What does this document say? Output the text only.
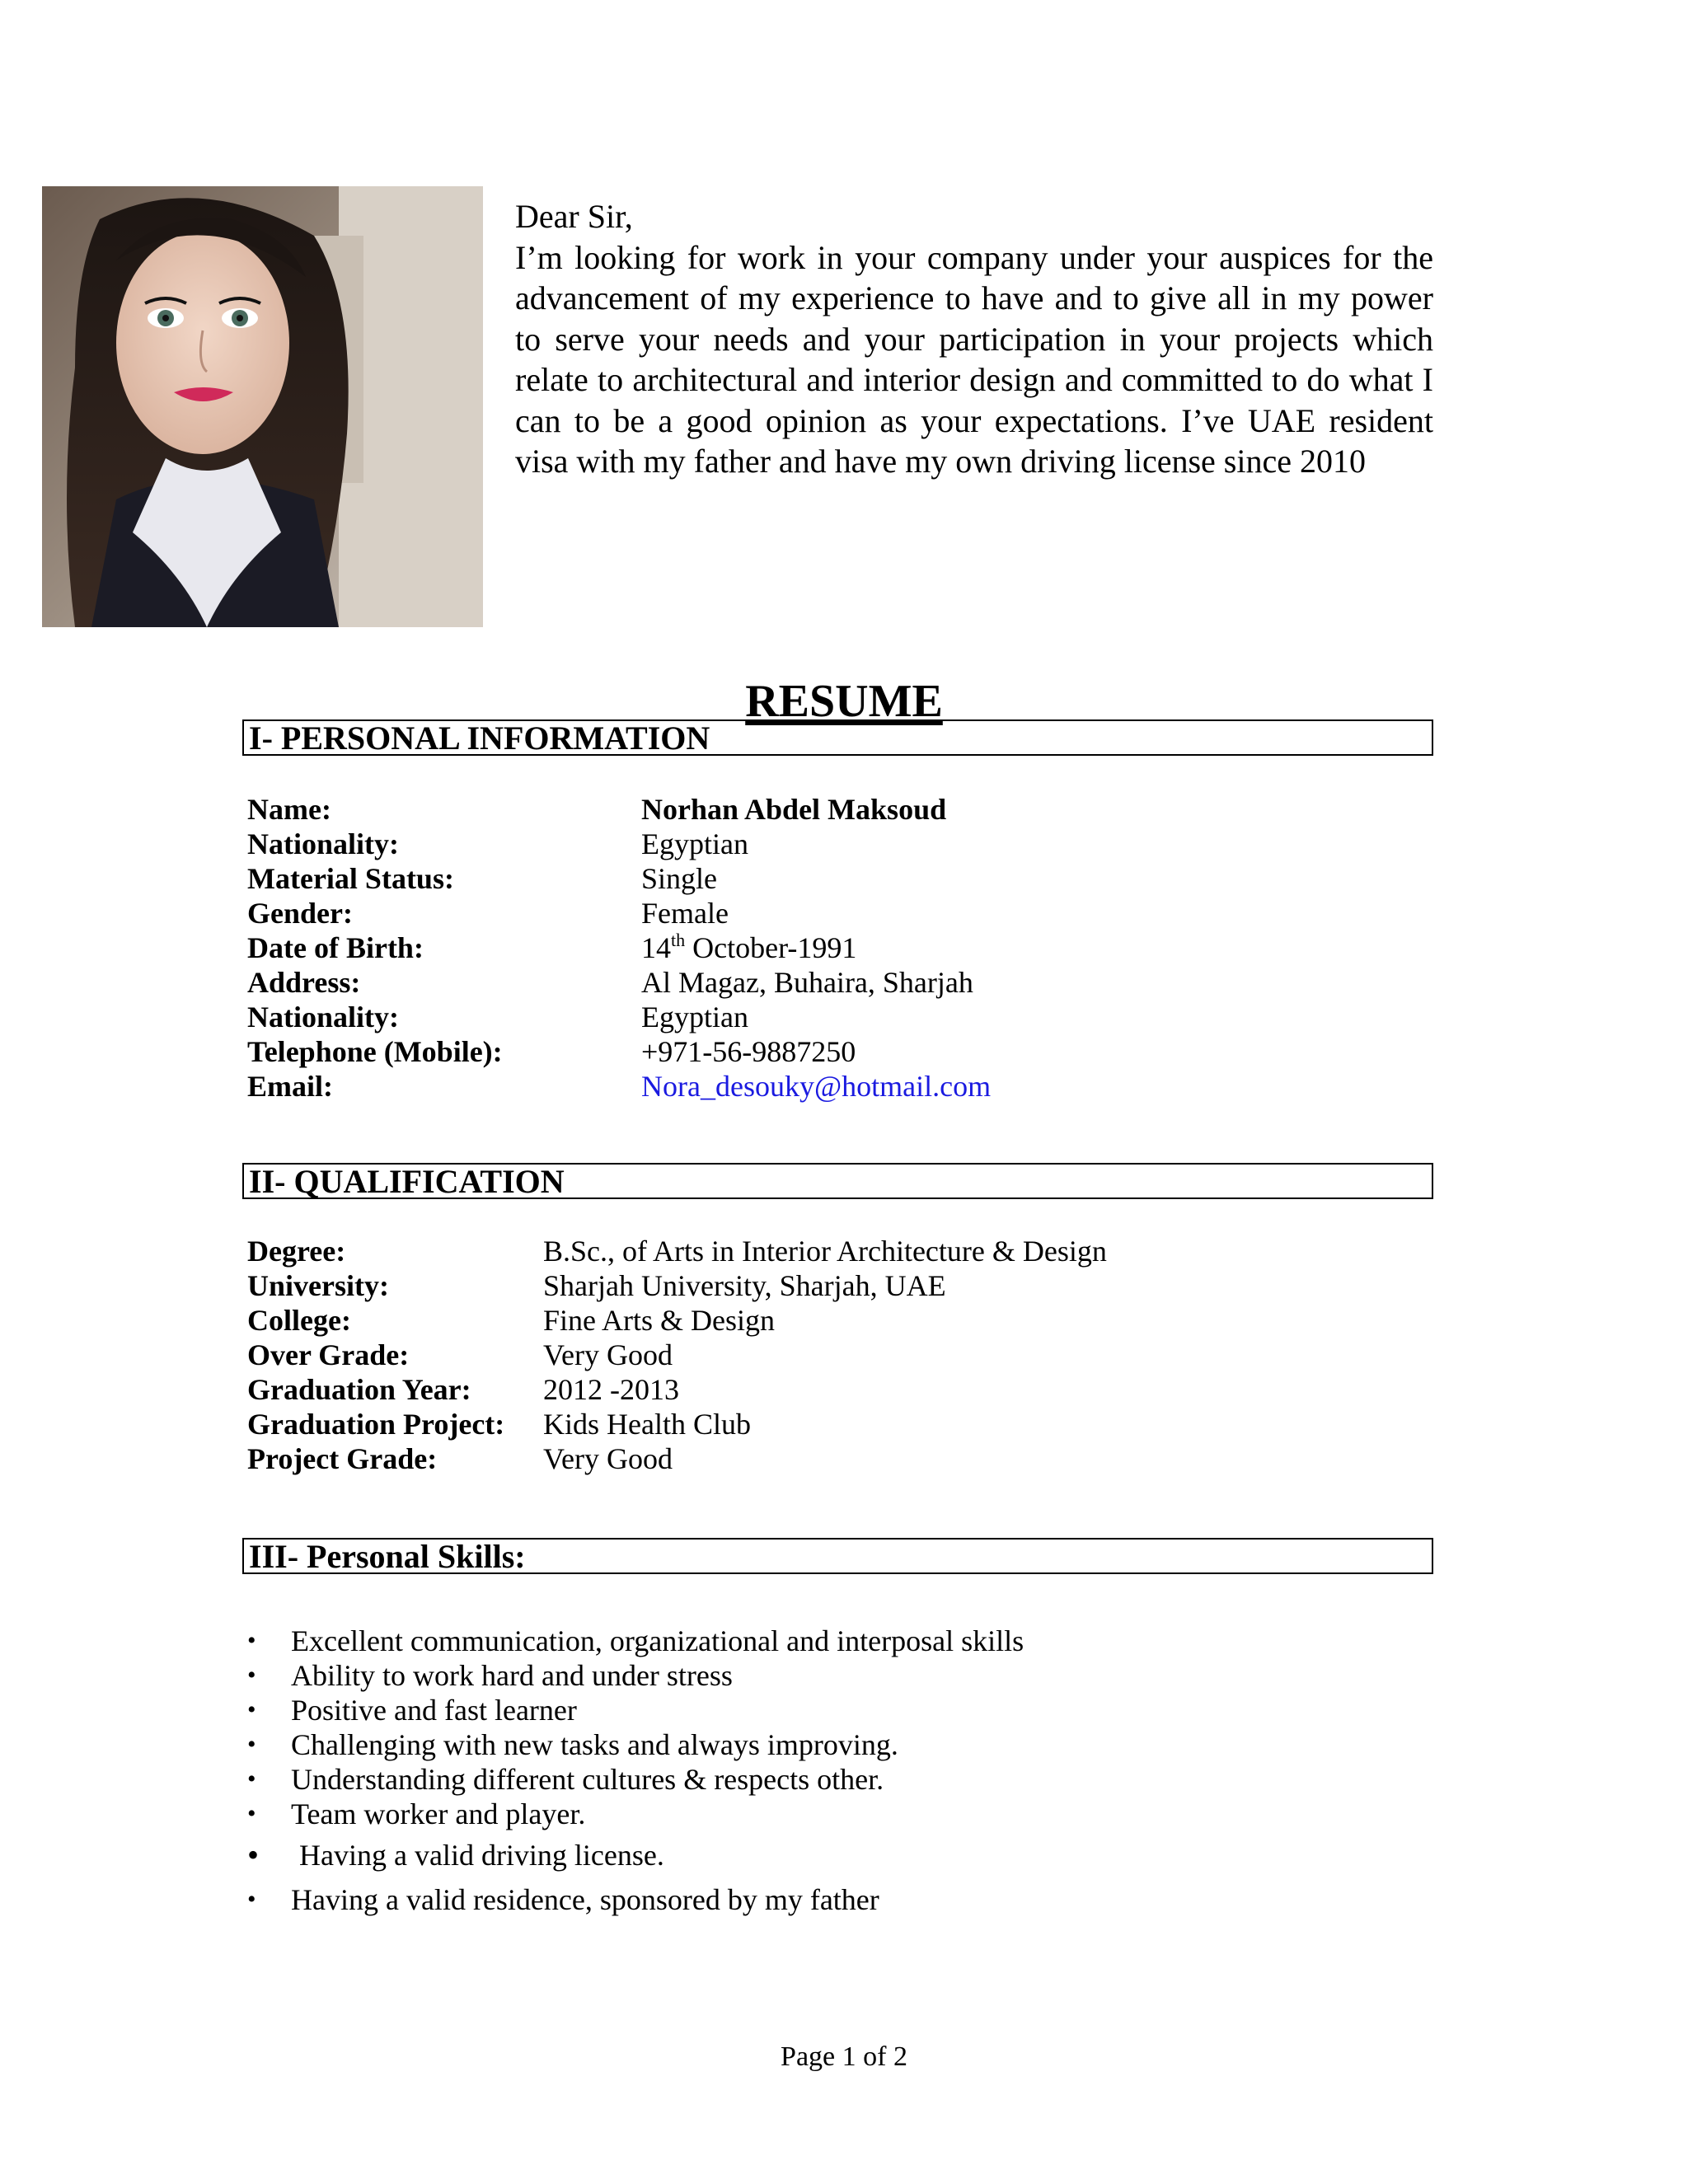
Dear Sir,

I’m looking for work in your company under your auspices for the advancement of my experience to have and to give all in my power to serve your needs and your participation in your projects which relate to architectural and interior design and committed to do what I can to be a good opinion as your expectations. I’ve UAE resident visa with my father and have my own driving license since 2010

RESUME
I- PERSONAL INFORMATION
Name:	Norhan Abdel Maksoud
Nationality:	Egyptian
Material Status:	Single
Gender:	Female
Date of Birth:	14th October-1991
Address:	Al Magaz, Buhaira, Sharjah
Nationality:	Egyptian
Telephone (Mobile):	+971-56-9887250
Email:	Nora_desouky@hotmail.com
II- QUALIFICATION
Degree:	B.Sc., of Arts in Interior Architecture & Design
University:	Sharjah University, Sharjah, UAE
College:	Fine Arts & Design
Over Grade:	Very Good
Graduation Year:	2012 -2013
Graduation Project:	Kids Health Club
Project Grade:	Very Good
III- Personal Skills:
• Excellent communication, organizational and interposal skills
• Ability to work hard and under stress
• Positive and fast learner
• Challenging with new tasks and always improving.
• Understanding different cultures & respects other.
• Team worker and player.
• Having a valid driving license.
• Having a valid residence, sponsored by my father
Page 1 of 2
